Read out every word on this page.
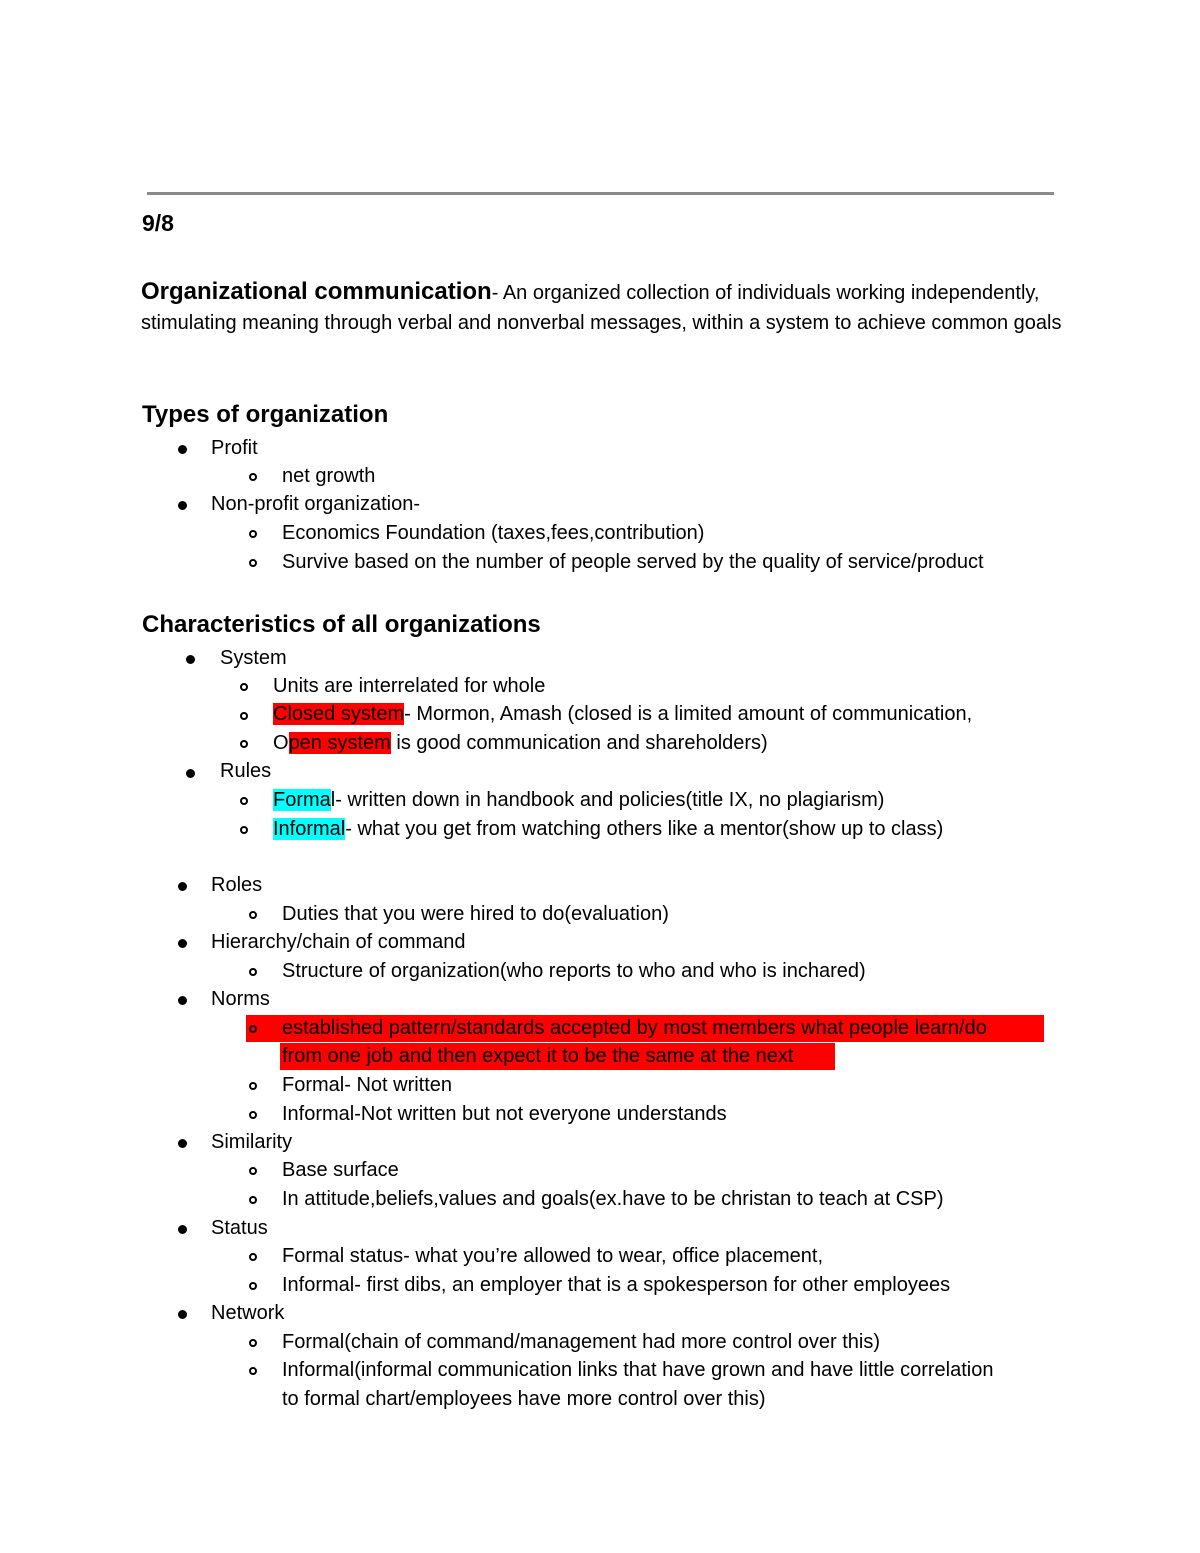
9/8
Organizational communication- An organized collection of individuals working independently, stimulating meaning through verbal and nonverbal messages, within a system to achieve common goals
Types of organization
Profit
net growth
Non-profit organization-
Economics Foundation (taxes,fees,contribution)
Survive based on the number of people served by the quality of service/product
Characteristics of all organizations
System
Units are interrelated for whole
Closed system- Mormon, Amash (closed is a limited amount of communication,
Open system is good communication and shareholders)
Rules
Formal- written down in handbook and policies(title IX, no plagiarism)
Informal- what you get from watching others like a mentor(show up to class)
Roles
Duties that you were hired to do(evaluation)
Hierarchy/chain of command
Structure of organization(who reports to who and who is inchared)
Norms
established pattern/standards accepted by most members what people learn/do
from one job and then expect it to be the same at the next
Formal- Not written
Informal-Not written but not everyone understands
Similarity
Base surface
In attitude,beliefs,values and goals(ex.have to be christan to teach at CSP)
Status
Formal status- what you’re allowed to wear, office placement,
Informal- first dibs, an employer that is a spokesperson for other employees
Network
Formal(chain of command/management had more control over this)
Informal(informal communication links that have grown and have little correlation
to formal chart/employees have more control over this)
